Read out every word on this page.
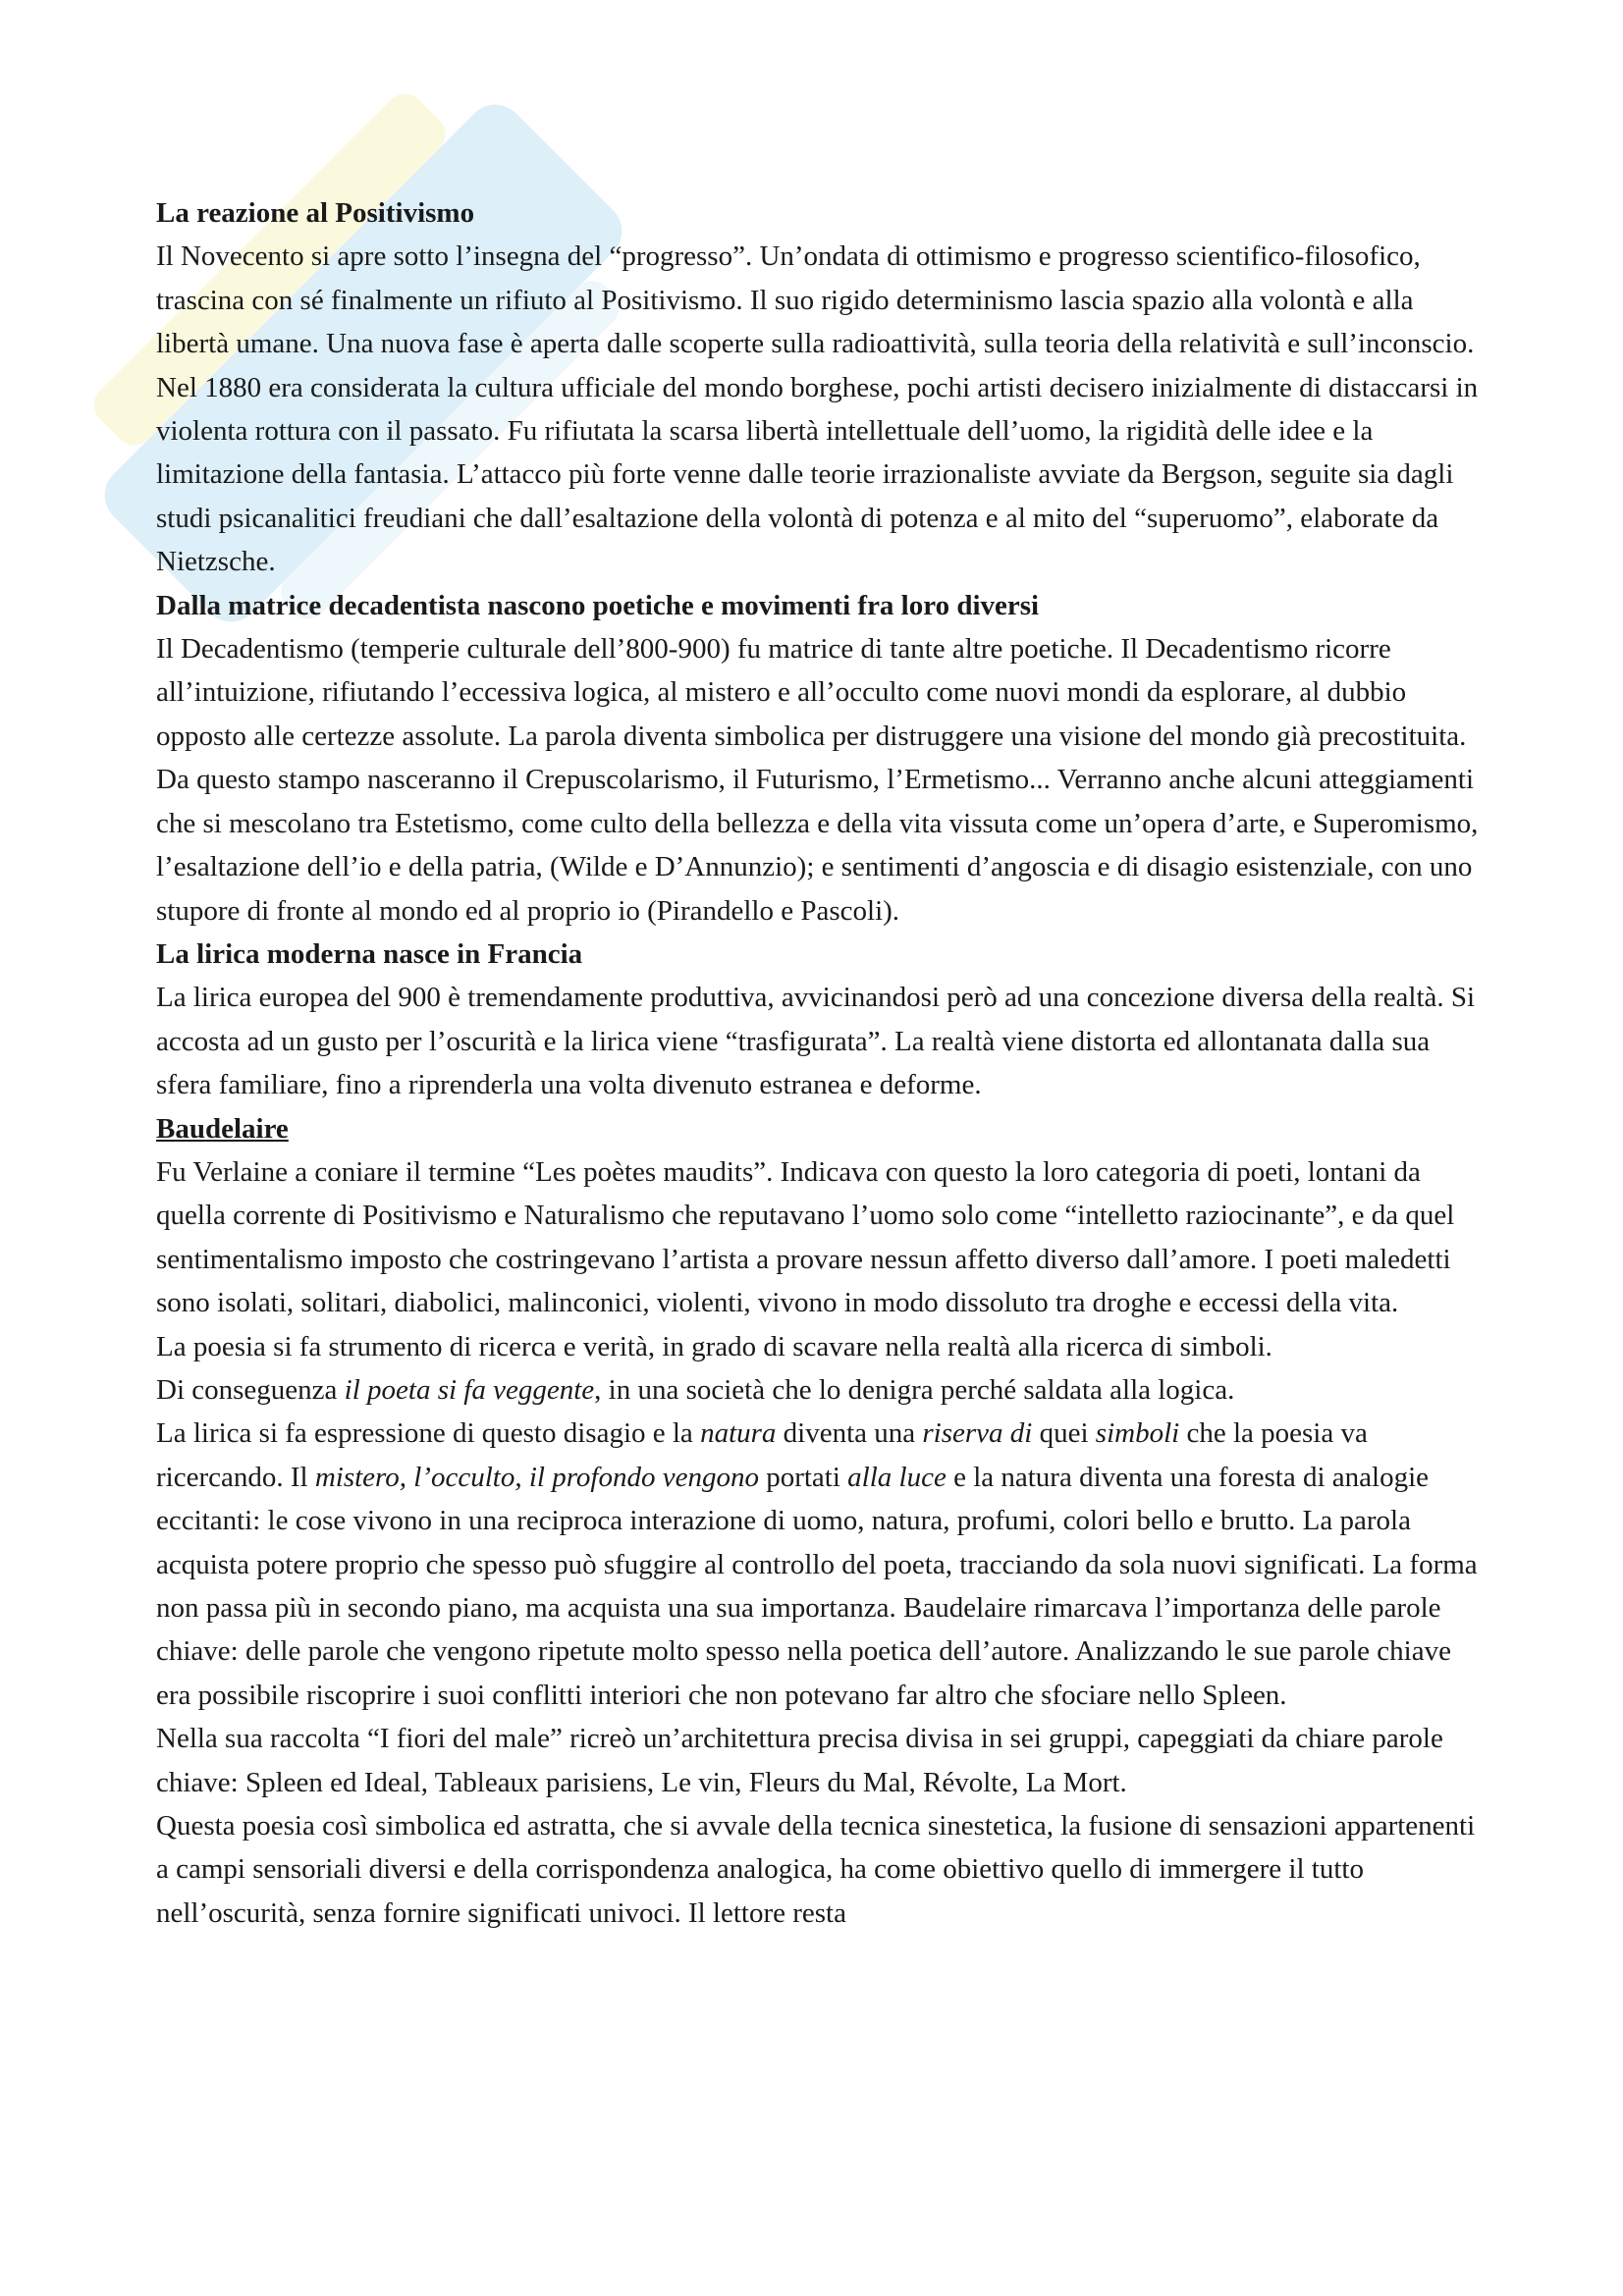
La reazione al Positivismo

Il Novecento si apre sotto l’insegna del “progresso”. Un’ondata di ottimismo e progresso scientifico-filosofico, trascina con sé finalmente un rifiuto al Positivismo. Il suo rigido determinismo lascia spazio alla volontà e alla libertà umane. Una nuova fase è aperta dalle scoperte sulla radioattività, sulla teoria della relatività e sull’inconscio. Nel 1880 era considerata la cultura ufficiale del mondo borghese, pochi artisti decisero inizialmente di distaccarsi in violenta rottura con il passato. Fu rifiutata la scarsa libertà intellettuale dell’uomo, la rigidità delle idee e la limitazione della fantasia. L’attacco più forte venne dalle teorie irrazionaliste avviate da Bergson, seguite sia dagli studi psicanalitici freudiani che dall’esaltazione della volontà di potenza e al mito del “superuomo”, elaborate da Nietzsche.

Dalla matrice decadentista nascono poetiche e movimenti fra loro diversi

Il Decadentismo (temperie culturale dell’800-900) fu matrice di tante altre poetiche. Il Decadentismo ricorre all’intuizione, rifiutando l’eccessiva logica, al mistero e all’occulto come nuovi mondi da esplorare, al dubbio opposto alle certezze assolute. La parola diventa simbolica per distruggere una visione del mondo già precostituita. Da questo stampo nasceranno il Crepuscolarismo, il Futurismo, l’Ermetismo... Verranno anche alcuni atteggiamenti che si mescolano tra Estetismo, come culto della bellezza e della vita vissuta come un’opera d’arte, e Superomismo, l’esaltazione dell’io e della patria, (Wilde e D’Annunzio); e sentimenti d’angoscia e di disagio esistenziale, con uno stupore di fronte al mondo ed al proprio io (Pirandello e Pascoli).

La lirica moderna nasce in Francia

La lirica europea del 900 è tremendamente produttiva, avvicinandosi però ad una concezione diversa della realtà. Si accosta ad un gusto per l’oscurità e la lirica viene “trasfigurata”. La realtà viene distorta ed allontanata dalla sua sfera familiare, fino a riprenderla una volta divenuto estranea e deforme.

Baudelaire

Fu Verlaine a coniare il termine “Les poètes maudits”. Indicava con questo la loro categoria di poeti, lontani da quella corrente di Positivismo e Naturalismo che reputavano l’uomo solo come “intelletto raziocinante”, e da quel sentimentalismo imposto che costringevano l’artista a provare nessun affetto diverso dall’amore. I poeti maledetti sono isolati, solitari, diabolici, malinconici, violenti, vivono in modo dissoluto tra droghe e eccessi della vita.

La poesia si fa strumento di ricerca e verità, in grado di scavare nella realtà alla ricerca di simboli.

Di conseguenza il poeta si fa veggente, in una società che lo denigra perché saldata alla logica.

La lirica si fa espressione di questo disagio e la natura diventa una riserva di quei simboli che la poesia va ricercando. Il mistero, l’occulto, il profondo vengono portati alla luce e la natura diventa una foresta di analogie eccitanti: le cose vivono in una reciproca interazione di uomo, natura, profumi, colori bello e brutto. La parola acquista potere proprio che spesso può sfuggire al controllo del poeta, tracciando da sola nuovi significati. La forma non passa più in secondo piano, ma acquista una sua importanza. Baudelaire rimarcava l’importanza delle parole chiave: delle parole che vengono ripetute molto spesso nella poetica dell’autore. Analizzando le sue parole chiave era possibile riscoprire i suoi conflitti interiori che non potevano far altro che sfociare nello Spleen.

Nella sua raccolta “I fiori del male” ricreò un’architettura precisa divisa in sei gruppi, capeggiati da chiare parole chiave: Spleen ed Ideal, Tableaux parisiens, Le vin, Fleurs du Mal, Révolte, La Mort.

Questa poesia così simbolica ed astratta, che si avvale della tecnica sinestetica, la fusione di sensazioni appartenenti a campi sensoriali diversi e della corrispondenza analogica, ha come obiettivo quello di immergere il tutto nell’oscurità, senza fornire significati univoci. Il lettore resta
